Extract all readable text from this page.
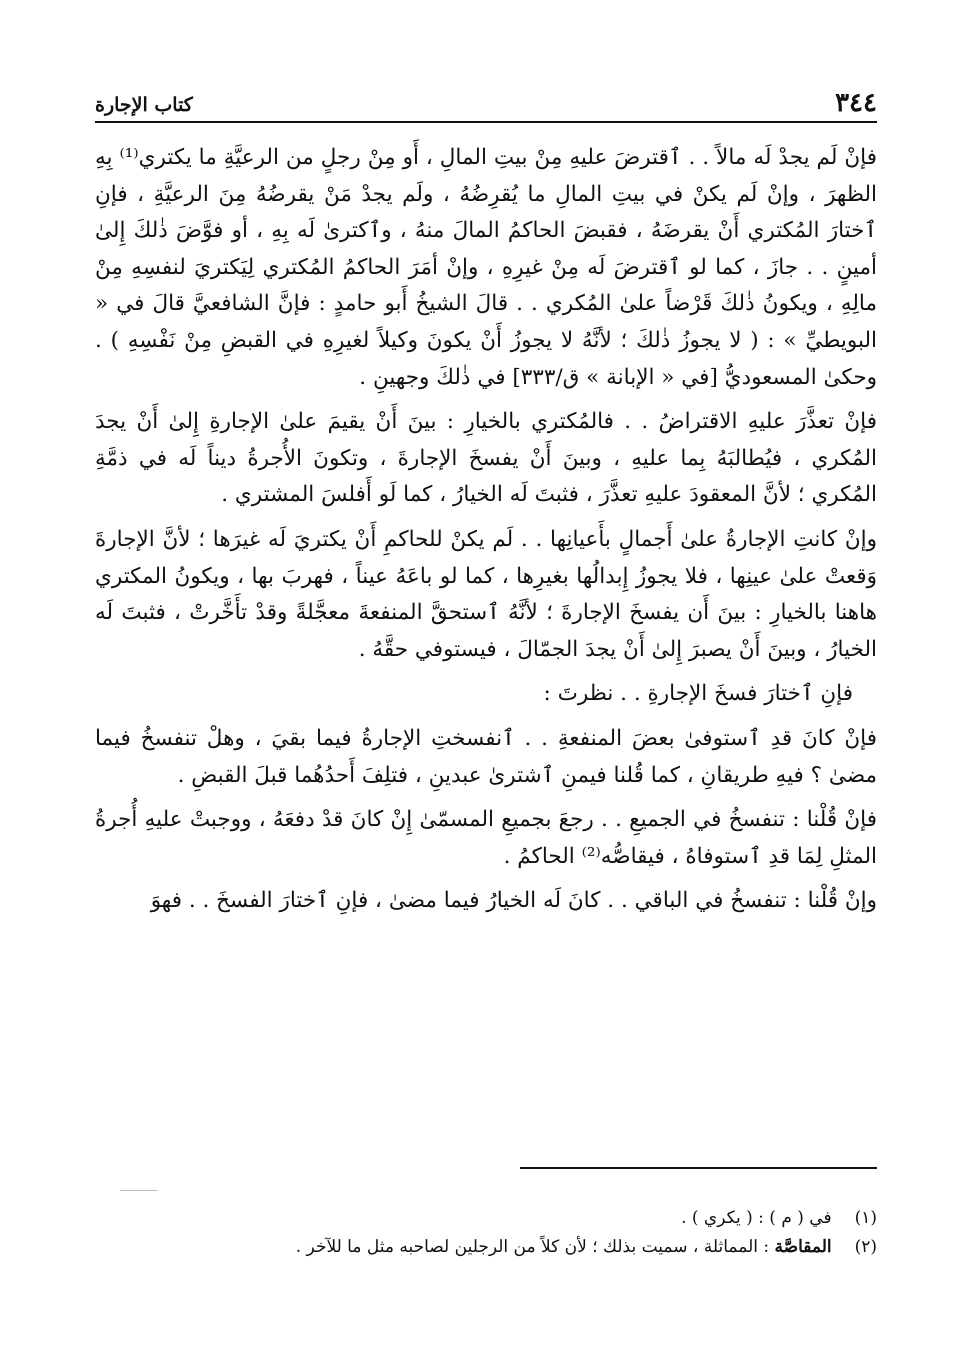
كتاب الإجارة	٣٤٤

فإنْ لَم يجدْ لَه مالاً . . ٱقترضَ عليهِ مِنْ بيتِ المالِ ، أَو مِنْ رجلٍ من الرعيَّةِ ما يكتري⁽¹⁾ بِهِ الظهرَ ، وإنْ لَم يكنْ في بيتِ المالِ ما يُقرِضُهُ ، ولَم يجدْ مَنْ يقرضُهُ مِنَ الرعيَّةِ ، فإنِ ٱختارَ المُكتري أَنْ يقرضَهُ ، فقبضَ الحاكمُ المالَ منهُ ، وٱكترىٰ لَه بِهِ ، أو فوَّضَ ذٰلكَ إِلىٰ أمينٍ . . جازَ ، كما لو ٱقترضَ لَه مِنْ غيرِهِ ، وإنْ أمَرَ الحاكمُ المُكتري لِيَكتريَ لنفسِهِ مِنْ مالِهِ ، ويكونُ ذٰلكَ قَرْضاً علىٰ المُكري . . قالَ الشيخُ أَبو حامدٍ : فإنَّ الشافعيَّ قالَ في « البويطيِّ » : ( لا يجوزُ ذٰلكَ ؛ لأنَّهُ لا يجوزُ أَنْ يكونَ وكيلاً لغيرِهِ في القبضِ مِنْ نَفْسِهِ ) . وحكىٰ المسعوديُّ [في « الإبانة » ق/٣٣٣] في ذٰلكَ وجهينِ .

فإنْ تعذَّرَ عليهِ الاقتراضُ . . فالمُكتري بالخيارِ : بينَ أَنْ يقيمَ علىٰ الإجارةِ إِلىٰ أَنْ يجدَ المُكري ، فيُطالبَهُ بِما عليهِ ، وبينَ أَنْ يفسخَ الإجارةَ ، وتكونَ الأُجرةُ ديناً لَه في ذمَّةِ المُكري ؛ لأنَّ المعقودَ عليهِ تعذَّرَ ، فثبتَ لَه الخيارُ ، كما لَو أَفلسَ المشتري .

وإنْ كانتِ الإجارةُ علىٰ أَجمالٍ بأَعيانِها . . لَم يكنْ للحاكمِ أَنْ يكتريَ لَه غيرَها ؛ لأنَّ الإجارةَ وَقعتْ علىٰ عينِها ، فلا يجوزُ إِبدالُها بغيرِها ، كما لو باعَهُ عيناً ، فهربَ بها ، ويكونُ المكتري هاهنا بالخيارِ : بينَ أَن يفسخَ الإجارةَ ؛ لأنَّهُ ٱستحقَّ المنفعةَ معجَّلةً وقدْ تأَخَّرتْ ، فثبتَ لَه الخيارُ ، وبينَ أَنْ يصبرَ إِلىٰ أَنْ يجدَ الجمّالَ ، فيستوفي حقَّهُ .

فإنِ ٱختارَ فسخَ الإجارةِ . . نظرتَ :

فإنْ كانَ قدِ ٱستوفىٰ بعضَ المنفعةِ . . ٱنفسختِ الإجارةُ فيما بقيَ ، وهلْ تنفسخُ فيما مضىٰ ؟ فيهِ طريقانِ ، كما قُلنا فيمنِ ٱشترىٰ عبدينِ ، فتلِفَ أَحدُهُما قبلَ القبضِ .

فإنْ قُلْنا : تنفسخُ في الجميعِ . . رجعَ بجميعِ المسمّىٰ إِنْ كانَ قدْ دفعَهُ ، ووجبتْ عليهِ أُجرةُ المثلِ لِمَا قدِ ٱستوفاهُ ، فيقاصُّه⁽²⁾ الحاكمُ .

وإنْ قُلْنا : تنفسخُ في الباقي . . كانَ لَه الخيارُ فيما مضىٰ ، فإنِ ٱختارَ الفسخَ . . فهوَ

(١) في ( م ) : ( يكري ) .

(٢) المقاصَّة : المماثلة ، سميت بذلك ؛ لأن كلاً من الرجلين لصاحبه مثل ما للآخر .
